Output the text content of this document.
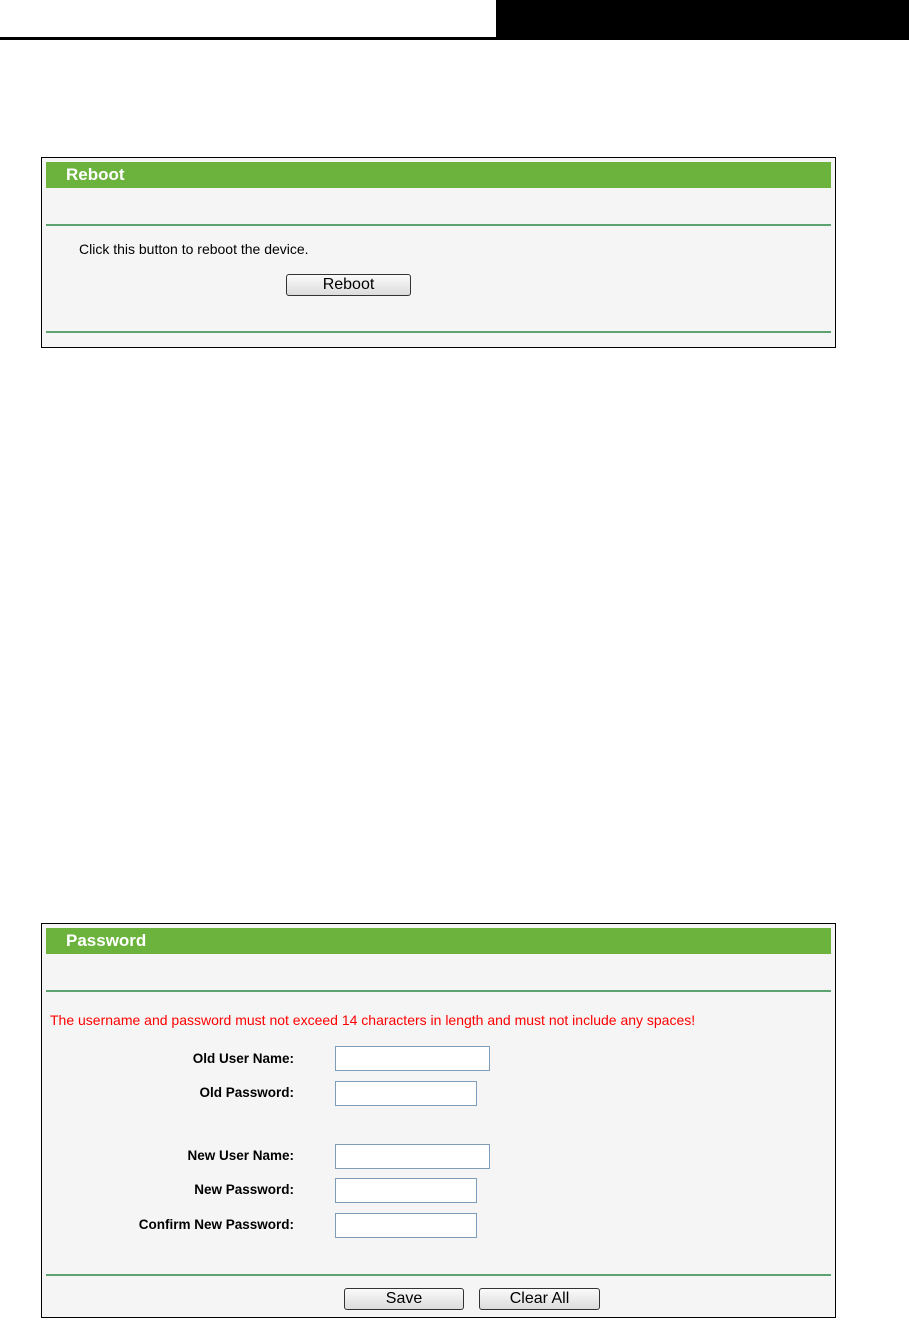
Reboot
Click this button to reboot the device.
Reboot
Password
The username and password must not exceed 14 characters in length and must not include any spaces!
Old User Name:
Old Password:
New User Name:
New Password:
Confirm New Password:
Save	Clear All
